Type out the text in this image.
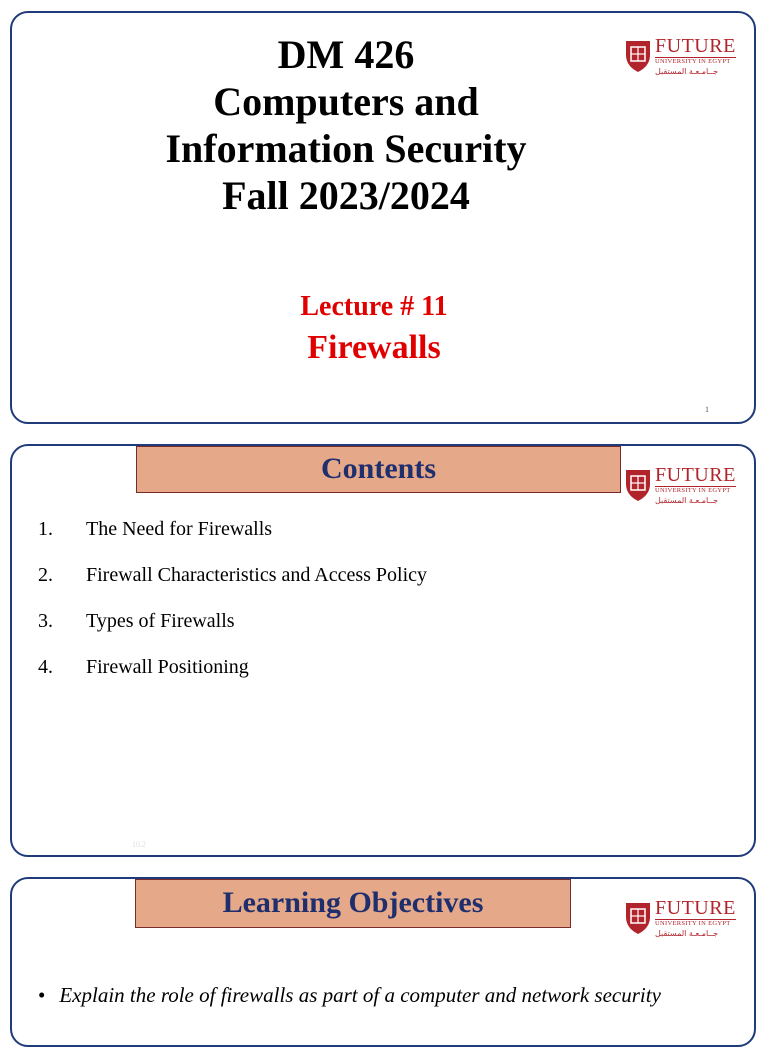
DM 426
Computers and
Information Security
Fall 2023/2024
FUTURE
UNIVERSITY IN EGYPT
جــامـعـة المستقبل
Lecture # 11
Firewalls
1
Contents	FUTURE
UNIVERSITY IN EGYPT
جــامـعـة المستقبل
1.	The Need for Firewalls
2.	Firewall Characteristics and Access Policy
3.	Types of Firewalls
4.	Firewall Positioning
10.2
Learning Objectives	FUTURE
UNIVERSITY IN EGYPT
جــامـعـة المستقبل
• Explain the role of firewalls as part of a computer and network security
